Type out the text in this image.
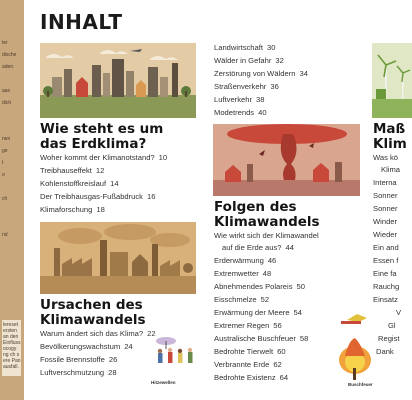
ter
dische
aden
aas
dich
nen
ge
t
o
ch
nd
lereset
ersten
an den
Einfluss
ocogy
ng ch s
ere Pan
ausfall.
INHALT
Wie steht es um
das Erdklima?
Woher kommt der Klimanotstand? 10
Treibhauseffekt 12
Kohlenstoffkreislauf 14
Der Treibhausgas-Fußabdruck 16
Klimaforschung 18
Ursachen des
Klimawandels
Warum ändert sich das Klima? 22
Bevölkerungswachstum 24
Fossile Brennstoffe 26
Luftverschmutzung 28
Hitzewellen
Landwirtschaft 30
Wälder in Gefahr 32
Zerstörung von Wäldern 34
Straßenverkehr 36
Luftverkehr 38
Modetrends 40
Folgen des
Klimawandels
Wie wirkt sich der Klimawandel
auf die Erde aus? 44
Erderwärmung 46
Extremwetter 48
Abnehmendes Polareis 50
Eisschmelze 52
Erwärmung der Meere 54
Extremer Regen 56
Australische Buschfeuer 58
Bedrohte Tierwelt 60
Verbrannte Erde 62
Bedrohte Existenz 64
Maß
Klim
Was kö
Klima
Interna
Sonner
Sonner
Winder
Wieder
Ein and
Essen f
Eine fa
Rauchg
Einsatz
V
Gl
Regist
Dank
Buschfeuer
